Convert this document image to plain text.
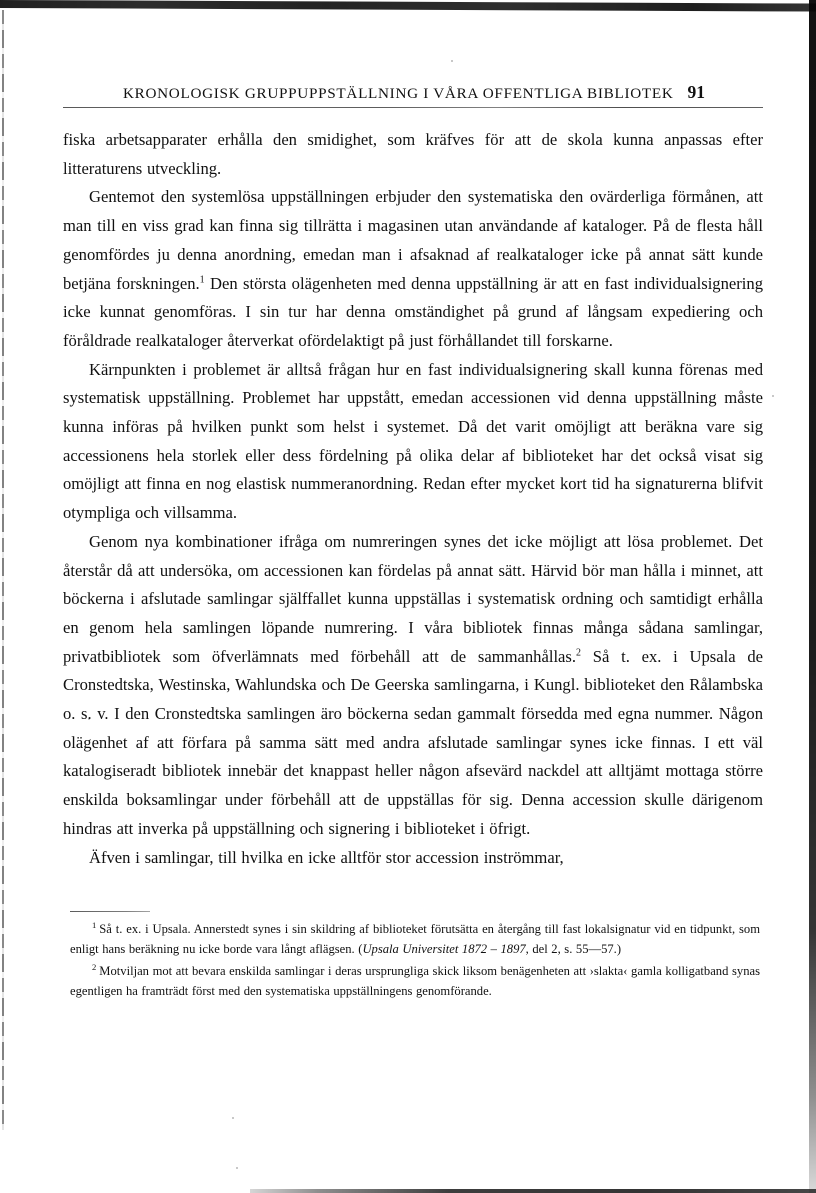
KRONOLOGISK GRUPPUPPSTÄLLNING I VÅRA OFFENTLIGA BIBLIOTEK 91

fiska arbetsapparater erhålla den smidighet, som kräfves för att de skola kunna anpassas efter litteraturens utveckling.

Gentemot den systemlösa uppställningen erbjuder den systematiska den ovärderliga förmånen, att man till en viss grad kan finna sig tillrätta i magasinen utan användande af kataloger. På de flesta håll genomfördes ju denna anordning, emedan man i afsaknad af realkataloger icke på annat sätt kunde betjäna forskningen.$^1$ Den största olägenheten med denna uppställning är att en fast individualsignering icke kunnat genomföras. I sin tur har denna omständighet på grund af långsam expediering och föråldrade realkataloger återverkat ofördelaktigt på just förhållandet till forskarne.

Kärnpunkten i problemet är alltså frågan hur en fast individualsignering skall kunna förenas med systematisk uppställning. Problemet har uppstått, emedan accessionen vid denna uppställning måste kunna införas på hvilken punkt som helst i systemet. Då det varit omöjligt att beräkna vare sig accessionens hela storlek eller dess fördelning på olika delar af biblioteket har det också visat sig omöjligt att finna en nog elastisk nummeranordning. Redan efter mycket kort tid ha signaturerna blifvit otympliga och villsamma.

Genom nya kombinationer ifråga om numreringen synes det icke möjligt att lösa problemet. Det återstår då att undersöka, om accessionen kan fördelas på annat sätt. Härvid bör man hålla i minnet, att böckerna i afslutade samlingar själffallet kunna uppställas i systematisk ordning och samtidigt erhålla en genom hela samlingen löpande numrering. I våra bibliotek finnas många sådana samlingar, privatbibliotek som öfverlämnats med förbehåll att de sammanhållas.$^2$ Så t. ex. i Upsala de Cronstedtska, Westinska, Wahlundska och De Geerska samlingarna, i Kungl. biblioteket den Rålambska o. s. v. I den Cronstedtska samlingen äro böckerna sedan gammalt försedda med egna nummer. Någon olägenhet af att förfara på samma sätt med andra afslutade samlingar synes icke finnas. I ett väl katalogiseradt bibliotek innebär det knappast heller någon afsevärd nackdel att alltjämt mottaga större enskilda boksamlingar under förbehåll att de uppställas för sig. Denna accession skulle därigenom hindras att inverka på uppställning och signering i biblioteket i öfrigt.

Äfven i samlingar, till hvilka en icke alltför stor accession inströmmar,

$^1$ Så t. ex. i Upsala. Annerstedt synes i sin skildring af biblioteket förutsätta en återgång till fast lokalsignatur vid en tidpunkt, som enligt hans beräkning nu icke borde vara långt aflägsen. (Upsala Universitet 1872 – 1897, del 2, s. 55—57.)

$^2$ Motviljan mot att bevara enskilda samlingar i deras ursprungliga skick liksom benägenheten att ›slakta‹ gamla kolligatband synas egentligen ha framträdt först med den systematiska uppställningens genomförande.
